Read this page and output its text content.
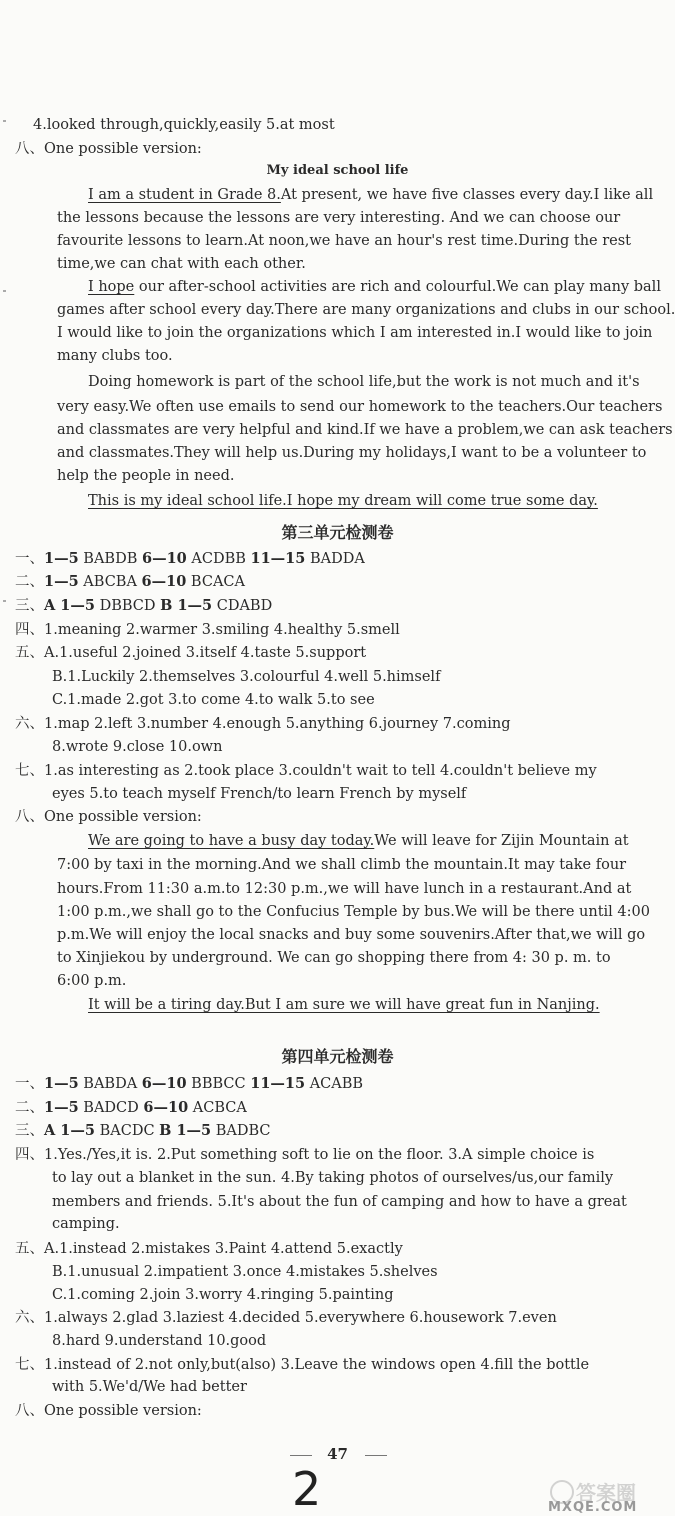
4.looked through,quickly,easily 5.at most
八、One possible version:
My ideal school life
I am a student in Grade 8.At present, we have five classes every day.I like all
the lessons because the lessons are very interesting. And we can choose our
favourite lessons to learn.At noon,we have an hour's rest time.During the rest
time,we can chat with each other.
I hope our after-school activities are rich and colourful.We can play many ball
games after school every day.There are many organizations and clubs in our school.
I would like to join the organizations which I am interested in.I would like to join
many clubs too.
Doing homework is part of the school life,but the work is not much and it's
very easy.We often use emails to send our homework to the teachers.Our teachers
and classmates are very helpful and kind.If we have a problem,we can ask teachers
and classmates.They will help us.During my holidays,I want to be a volunteer to
help the people in need.
This is my ideal school life.I hope my dream will come true some day.
第三单元检测卷
一、1—5 BABDB 6—10 ACDBB 11—15 BADDA
二、1—5 ABCBA 6—10 BCACA
三、A 1—5 DBBCD B 1—5 CDABD
四、1.meaning 2.warmer 3.smiling 4.healthy 5.smell
五、A.1.useful 2.joined 3.itself 4.taste 5.support
B.1.Luckily 2.themselves 3.colourful 4.well 5.himself
C.1.made 2.got 3.to come 4.to walk 5.to see
六、1.map 2.left 3.number 4.enough 5.anything 6.journey 7.coming
8.wrote 9.close 10.own
七、1.as interesting as 2.took place 3.couldn't wait to tell 4.couldn't believe my
eyes 5.to teach myself French/to learn French by myself
八、One possible version:
We are going to have a busy day today.We will leave for Zijin Mountain at
7:00 by taxi in the morning.And we shall climb the mountain.It may take four
hours.From 11:30 a.m.to 12:30 p.m.,we will have lunch in a restaurant.And at
1:00 p.m.,we shall go to the Confucius Temple by bus.We will be there until 4:00
p.m.We will enjoy the local snacks and buy some souvenirs.After that,we will go
to Xinjiekou by underground. We can go shopping there from 4: 30 p. m. to
6:00 p.m.
It will be a tiring day.But I am sure we will have great fun in Nanjing.
第四单元检测卷
一、1—5 BABDA 6—10 BBBCC 11—15 ACABB
二、1—5 BADCD 6—10 ACBCA
三、A 1—5 BACDC B 1—5 BADBC
四、1.Yes./Yes,it is. 2.Put something soft to lie on the floor. 3.A simple choice is
to lay out a blanket in the sun. 4.By taking photos of ourselves/us,our family
members and friends. 5.It's about the fun of camping and how to have a great
camping.
五、A.1.instead 2.mistakes 3.Paint 4.attend 5.exactly
B.1.unusual 2.impatient 3.once 4.mistakes 5.shelves
C.1.coming 2.join 3.worry 4.ringing 5.painting
六、1.always 2.glad 3.laziest 4.decided 5.everywhere 6.housework 7.even
8.hard 9.understand 10.good
七、1.instead of 2.not only,but(also) 3.Leave the windows open 4.fill the bottle
with 5.We'd/We had better
八、One possible version:
47
2	答案圈
MXQE.COM
